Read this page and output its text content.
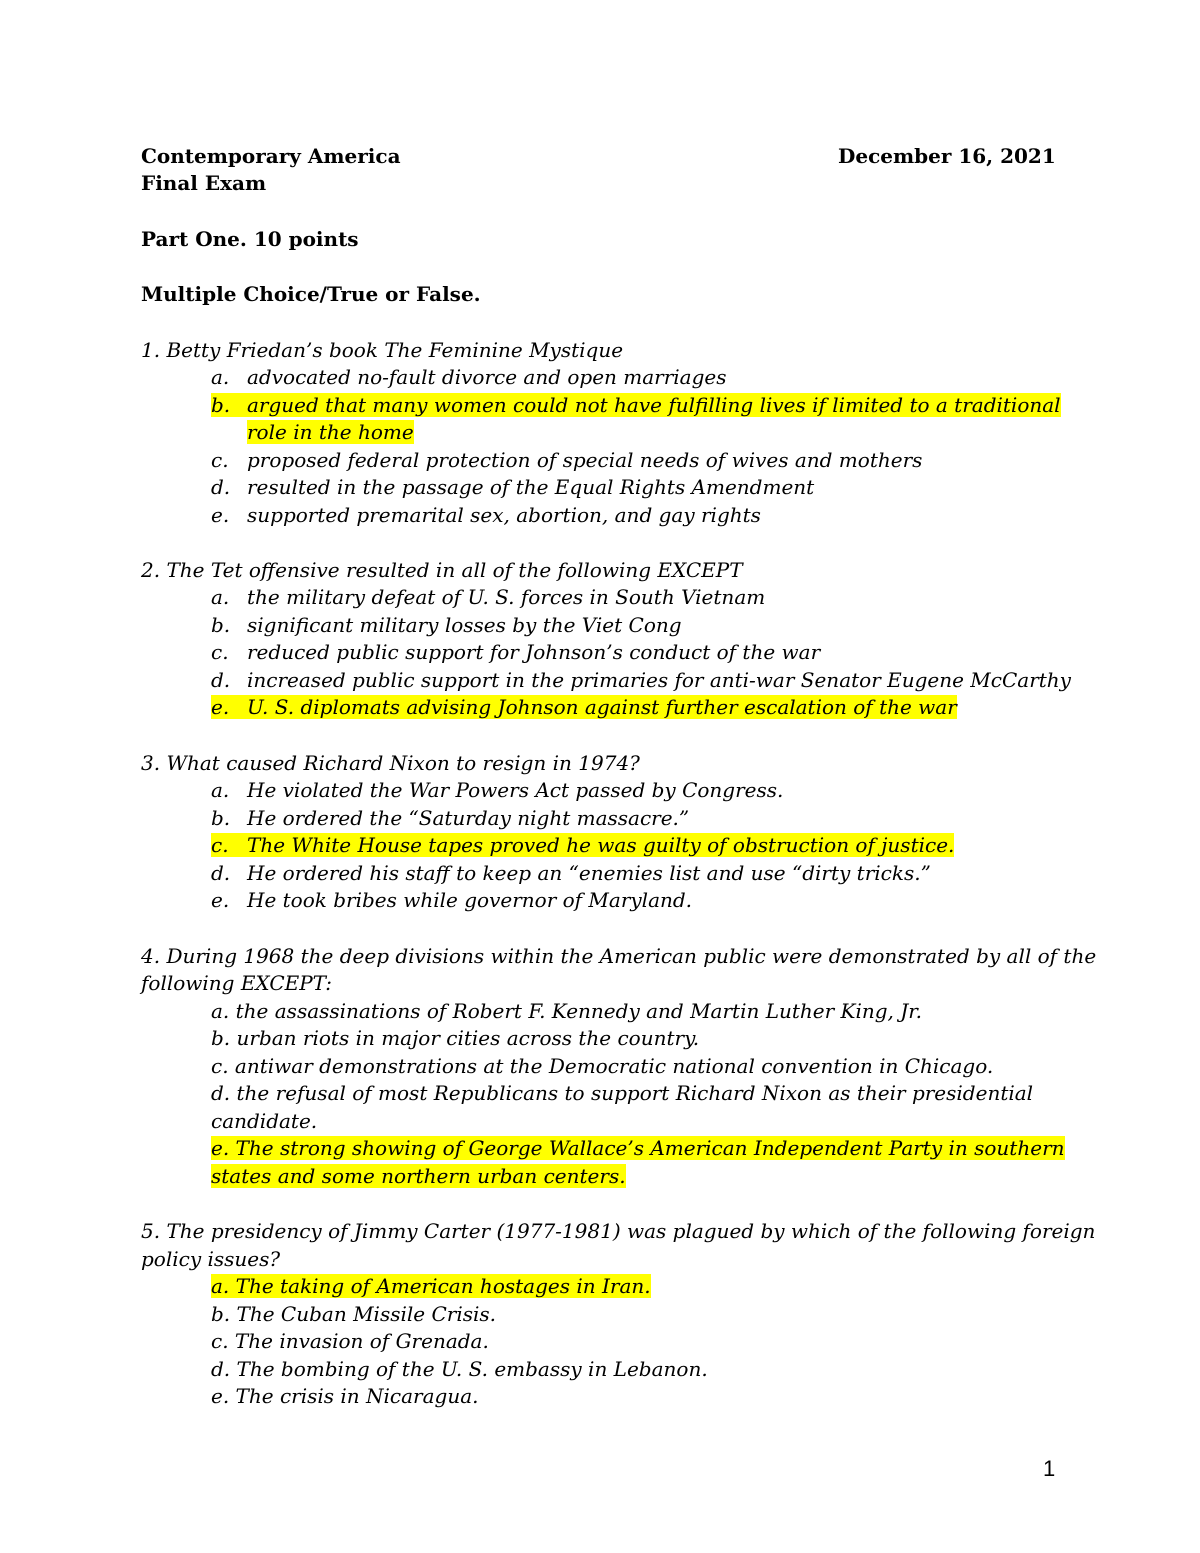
Contemporary America	December 16, 2021
Final Exam
Part One. 10 points
Multiple Choice/True or False.
1. Betty Friedan’s book The Feminine Mystique
a. advocated no-fault divorce and open marriages
b. argued that many women could not have fulfilling lives if limited to a traditional
role in the home
c. proposed federal protection of special needs of wives and mothers
d. resulted in the passage of the Equal Rights Amendment
e. supported premarital sex, abortion, and gay rights
2. The Tet offensive resulted in all of the following EXCEPT
a. the military defeat of U. S. forces in South Vietnam
b. significant military losses by the Viet Cong
c. reduced public support for Johnson’s conduct of the war
d. increased public support in the primaries for anti-war Senator Eugene McCarthy
e. U. S. diplomats advising Johnson against further escalation of the war
3. What caused Richard Nixon to resign in 1974?
a. He violated the War Powers Act passed by Congress.
b. He ordered the “Saturday night massacre.”
c. The White House tapes proved he was guilty of obstruction of justice.
d. He ordered his staff to keep an “enemies list and use “dirty tricks.”
e. He took bribes while governor of Maryland.
4. During 1968 the deep divisions within the American public were demonstrated by all of the
following EXCEPT:
a. the assassinations of Robert F. Kennedy and Martin Luther King, Jr.
b. urban riots in major cities across the country.
c. antiwar demonstrations at the Democratic national convention in Chicago.
d. the refusal of most Republicans to support Richard Nixon as their presidential
candidate.
e. The strong showing of George Wallace’s American Independent Party in southern
states and some northern urban centers.
5. The presidency of Jimmy Carter (1977-1981) was plagued by which of the following foreign
policy issues?
a. The taking of American hostages in Iran.
b. The Cuban Missile Crisis.
c. The invasion of Grenada.
d. The bombing of the U. S. embassy in Lebanon.
e. The crisis in Nicaragua.
1
